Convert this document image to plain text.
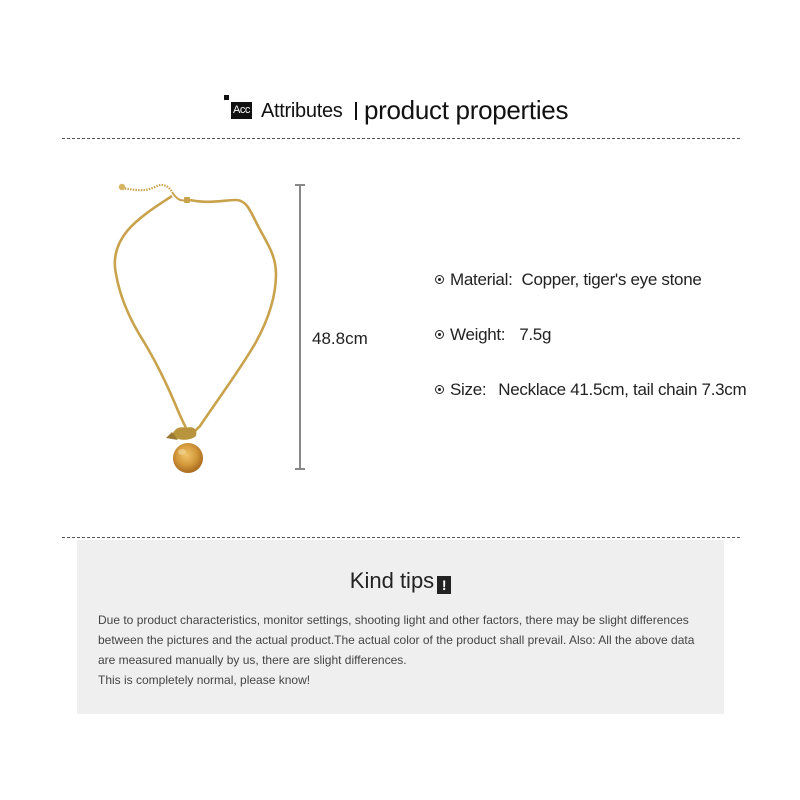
Acc Attributes product properties
48.8cm
Material: Copper, tiger's eye stone
Weight: 7.5g
Size: Necklace 41.5cm, tail chain 7.3cm
Kind tips !

Due to product characteristics, monitor settings, shooting light and other factors, there may be slight differences between the pictures and the actual product.The actual color of the product shall prevail. Also: All the above data are measured manually by us, there are slight differences.

This is completely normal, please know!
